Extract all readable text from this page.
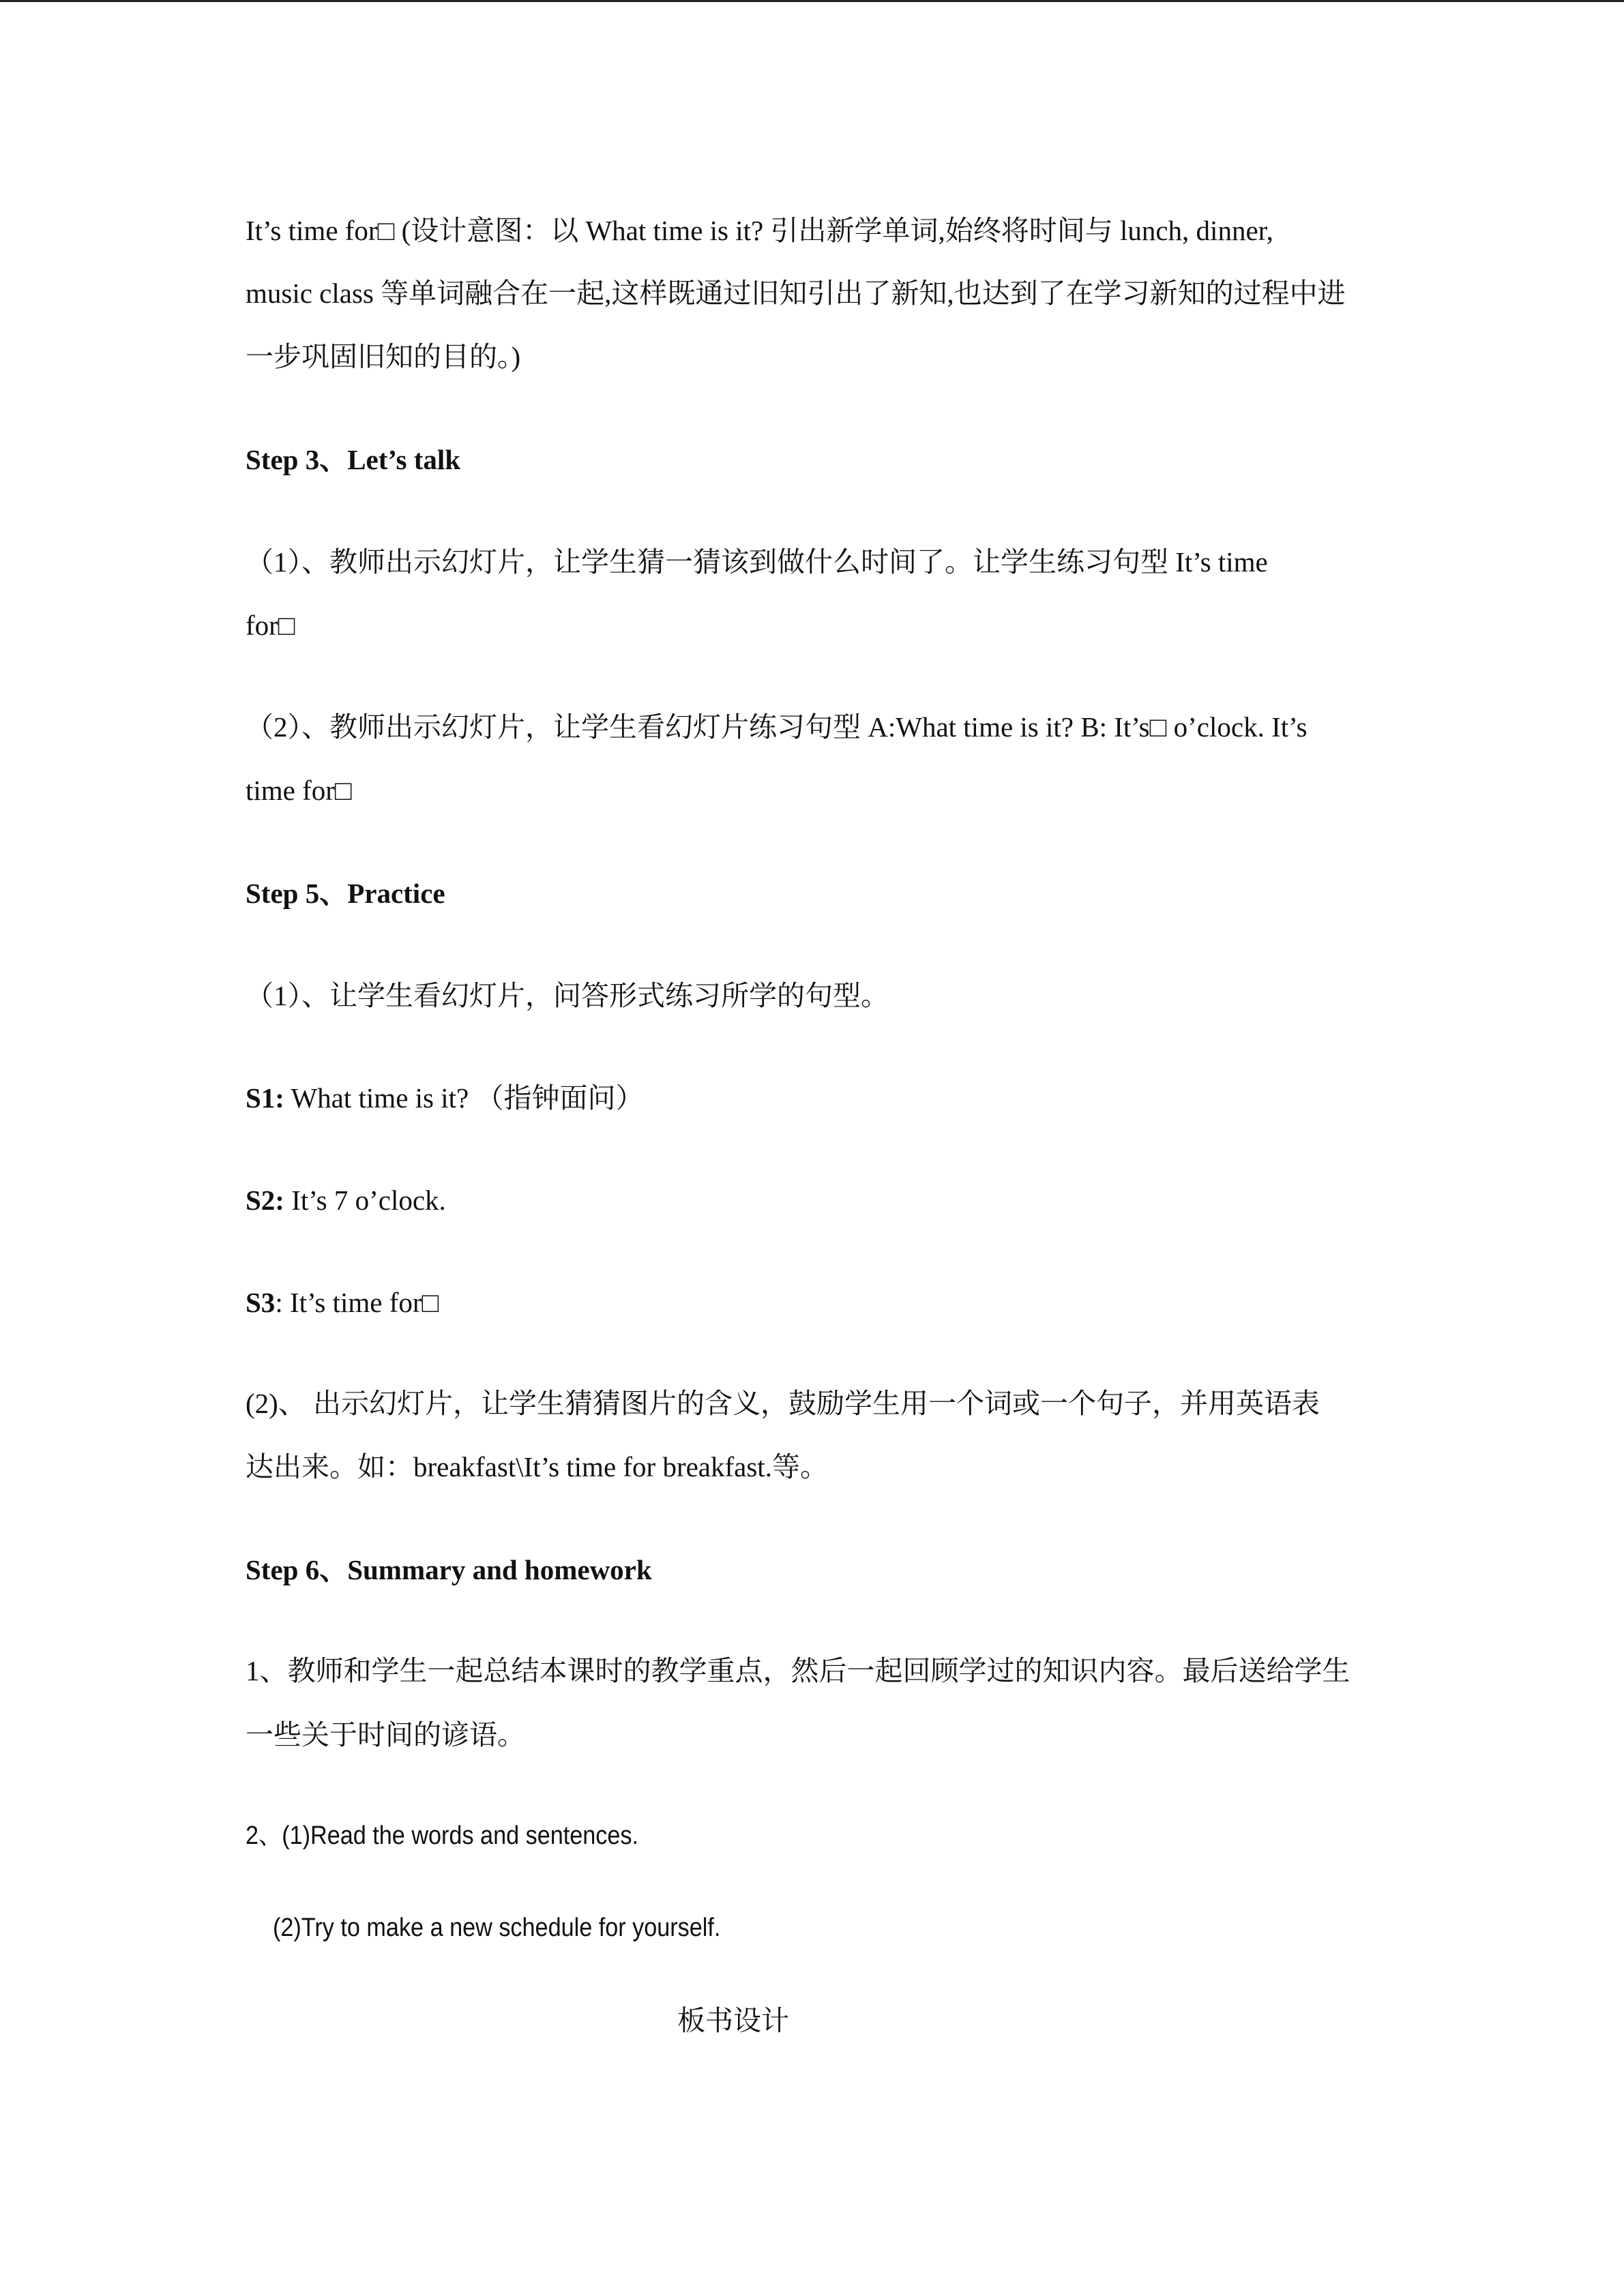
It’s time for□ (设计意图：以 What time is it? 引出新学单词,始终将时间与 lunch, dinner,
music class 等单词融合在一起,这样既通过旧知引出了新知,也达到了在学习新知的过程中进
一步巩固旧知的目的。)
Step 3、Let’s talk
（1）、教师出示幻灯片，让学生猜一猜该到做什么时间了。让学生练习句型 It’s time
for□
（2）、教师出示幻灯片，让学生看幻灯片练习句型 A:What time is it? B: It’s□ o’clock. It’s
time for□
Step 5、Practice
（1）、让学生看幻灯片，问答形式练习所学的句型。
S1: What time is it? （指钟面问）
S2: It’s 7 o’clock.
S3: It’s time for□
(2)、 出示幻灯片，让学生猜猜图片的含义，鼓励学生用一个词或一个句子，并用英语表
达出来。如：breakfast\It’s time for breakfast.等。
Step 6、Summary and homework
1、教师和学生一起总结本课时的教学重点，然后一起回顾学过的知识内容。最后送给学生
一些关于时间的谚语。
2、(1)Read the words and sentences.
(2)Try to make a new schedule for yourself.
板书设计
